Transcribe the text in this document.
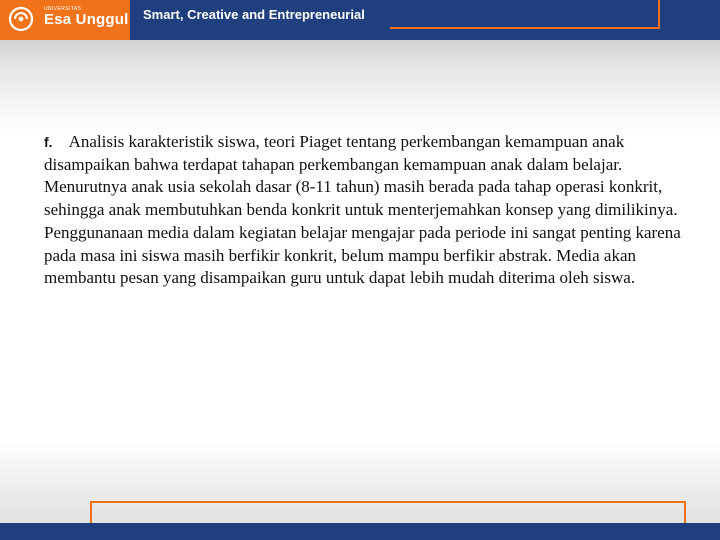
UNIVERSITAS
Esa Unggul Smart, Creative and Entrepreneurial
f. Analisis karakteristik siswa, teori Piaget tentang perkembangan kemampuan anak disampaikan bahwa terdapat tahapan perkembangan kemampuan anak dalam belajar. Menurutnya anak usia sekolah dasar (8-11 tahun) masih berada pada tahap operasi konkrit, sehingga anak membutuhkan benda konkrit untuk menterjemahkan konsep yang dimilikinya. Penggunanaan media dalam kegiatan belajar mengajar pada periode ini sangat penting karena pada masa ini siswa masih berfikir konkrit, belum mampu berfikir abstrak. Media akan membantu pesan yang disampaikan guru untuk dapat lebih mudah diterima oleh siswa.
